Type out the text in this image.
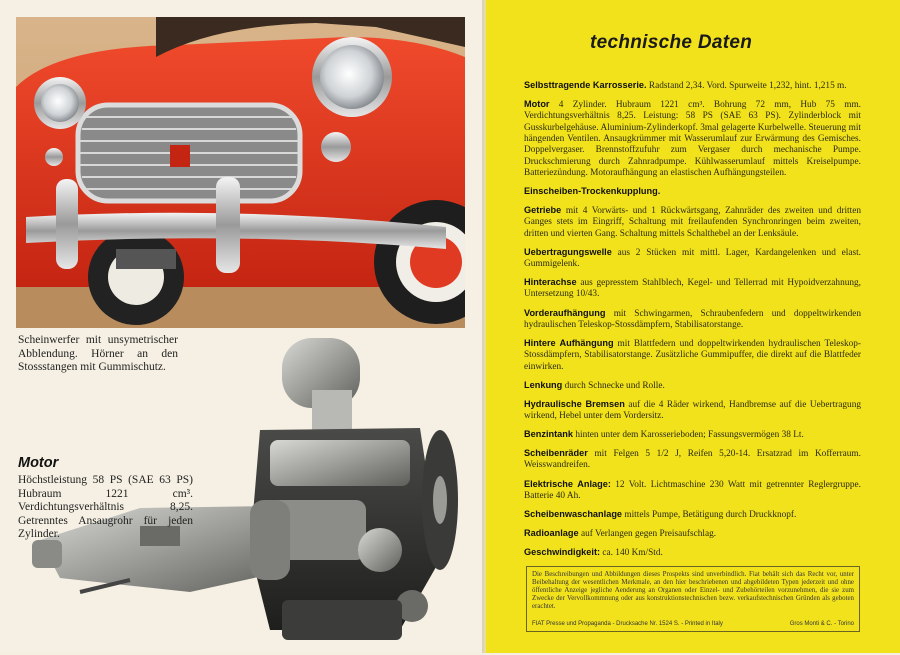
Scheinwerfer mit unsymetrischer Abblendung. Hörner an den Stossstangen mit Gummischutz.
Motor
Höchstleistung 58 PS (SAE 63 PS) Hubraum 1221 cm³. Verdichtungsverhältnis 8,25. Getrenntes Ansaugrohr für jeden Zylinder.
technische Daten

Selbsttragende Karrosserie. Radstand 2,34. Vord. Spurweite 1,232, hint. 1,215 m.

Motor 4 Zylinder. Hubraum 1221 cm³. Bohrung 72 mm, Hub 75 mm. Verdichtungsverhältnis 8,25. Leistung: 58 PS (SAE 63 PS). Zylinderblock mit Gusskurbelgehäuse. Aluminium-Zylinderkopf. 3mal gelagerte Kurbelwelle. Steuerung mit hängenden Ventilen. Ansaugkrümmer mit Wasserumlauf zur Erwärmung des Gemisches. Doppelvergaser. Brennstoffzufuhr zum Vergaser durch mechanische Pumpe. Druckschmierung durch Zahnradpumpe. Kühlwasserumlauf mittels Kreiselpumpe. Batteriezündung. Motoraufhängung an elastischen Aufhängungsteilen.

Einscheiben-Trockenkupplung.

Getriebe mit 4 Vorwärts- und 1 Rückwärtsgang, Zahnräder des zweiten und dritten Ganges stets im Eingriff, Schaltung mit freilaufenden Synchronringen beim zweiten, dritten und vierten Gang. Schaltung mittels Schalthebel an der Lenksäule.

Uebertragungswelle aus 2 Stücken mit mittl. Lager, Kardangelenken und elast. Gummigelenk.

Hinterachse aus gepresstem Stahlblech, Kegel- und Tellerrad mit Hypoidverzahnung, Untersetzung 10/43.

Vorderaufhängung mit Schwingarmen, Schraubenfedern und doppeltwirkenden hydraulischen Teleskop-Stossdämpfern, Stabilisatorstange.

Hintere Aufhängung mit Blattfedern und doppeltwirkenden hydraulischen Teleskop-Stossdämpfern, Stabilisatorstange. Zusätzliche Gummipuffer, die direkt auf die Blattfeder einwirken.

Lenkung durch Schnecke und Rolle.

Hydraulische Bremsen auf die 4 Räder wirkend, Handbremse auf die Uebertragung wirkend, Hebel unter dem Vordersitz.

Benzintank hinten unter dem Karosserieboden; Fassungsvermögen 38 Lt.

Scheibenräder mit Felgen 5 1/2 J, Reifen 5,20-14. Ersatzrad im Kofferraum. Weisswandreifen.

Elektrische Anlage: 12 Volt. Lichtmaschine 230 Watt mit getrennter Reglergruppe. Batterie 40 Ah.

Scheibenwaschanlage mittels Pumpe, Betätigung durch Druckknopf.

Radioanlage auf Verlangen gegen Preisaufschlag.

Geschwindigkeit: ca. 140 Km/Std.

Die Beschreibungen und Abbildungen dieses Prospekts sind unverbindlich. Fiat behält sich das Recht vor, unter Beibehaltung der wesentlichen Merkmale, an den hier beschriebenen und abgebildeten Typen jederzeit und ohne öffentliche Anzeige jegliche Aenderung an Organen oder Einzel- und Zubehörteilen vorzunehmen, die sie zum Zwecke der Vervollkommnung oder aus konstruktionstechnischen bezw. verkaufstechnischen Gründen als geboten erachtet.
FIAT Presse und Propaganda - Drucksache Nr. 1524 S. - Printed in Italy	Gros Monti & C. - Torino
